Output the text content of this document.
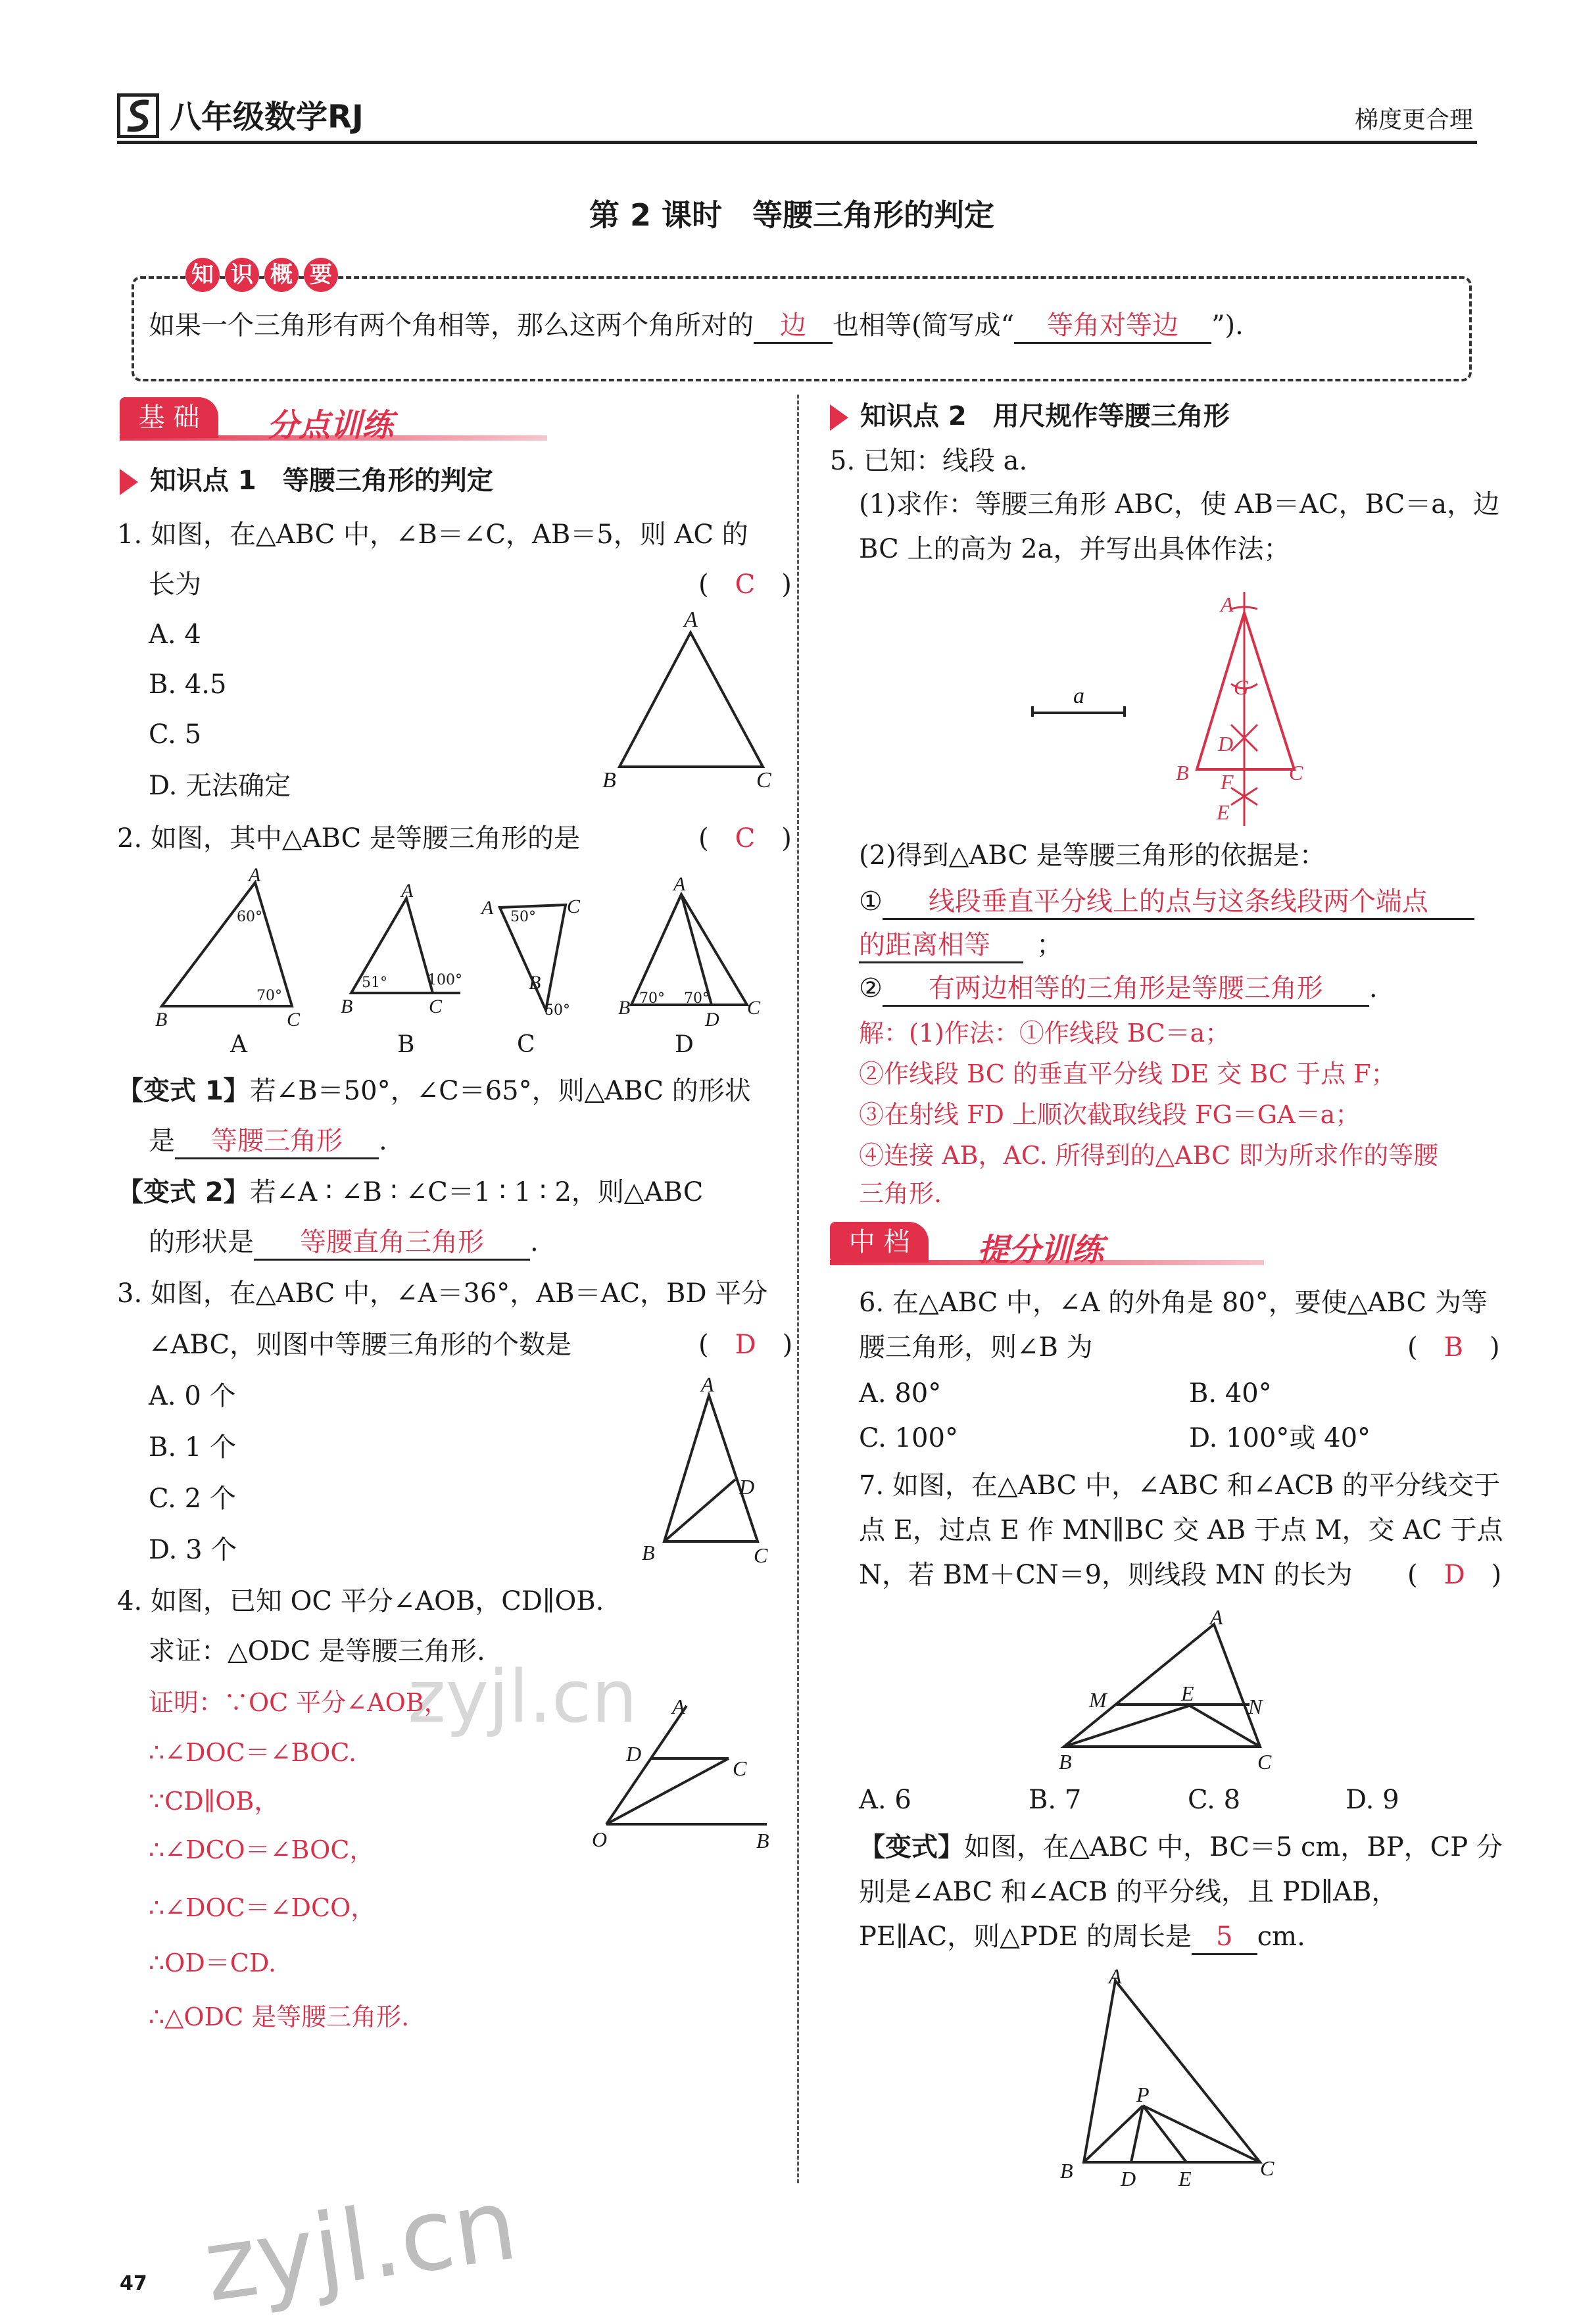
八年级数学RJ	梯度更合理
第 2 课时　等腰三角形的判定
知 识 概 要
如果一个三角形有两个角相等，那么这两个角所对的 边 也相等(简写成“ 等角对等边 ”).
基 础	分点训练
知识点 1　等腰三角形的判定
1. 如图，在△ABC 中，∠B＝∠C，AB＝5，则 AC 的
长为	(　C　)
A. 4
B. 4.5
C. 5
D. 无法确定
A
B	C
2. 如图，其中△ABC 是等腰三角形的是	(　C　)
A
B	C
60°
70°
A
B	C
51°	100°
A	C
B
50°
50°
A
B	C
D
70° 70°
A	B	C	D
【变式 1】若∠B＝50°，∠C＝65°，则△ABC 的形状
是 等腰三角形 .
【变式 2】若∠A ∶ ∠B ∶ ∠C＝1 ∶ 1 ∶ 2，则△ABC
的形状是 等腰直角三角形 .
3. 如图，在△ABC 中，∠A＝36°，AB＝AC，BD 平分
∠ABC，则图中等腰三角形的个数是	(　D　)
A. 0 个
B. 1 个
C. 2 个
D. 3 个
A
B	C
D
4. 如图，已知 OC 平分∠AOB，CD∥OB.
求证：△ODC 是等腰三角形.
证明：∵OC 平分∠AOB，
∴∠DOC＝∠BOC.
∵CD∥OB，
∴∠DCO＝∠BOC，
∴∠DOC＝∠DCO，
∴OD＝CD.
∴△ODC 是等腰三角形.
A
D
C
O	B
知识点 2　用尺规作等腰三角形
5. 已知：线段 a.
(1)求作：等腰三角形 ABC，使 AB＝AC，BC＝a，边
BC 上的高为 2a，并写出具体作法；
a
A
G
D
B F	C
E
(2)得到△ABC 是等腰三角形的依据是：
① 线段垂直平分线上的点与这条线段两个端点
的距离相等 ；
② 有两边相等的三角形是等腰三角形 .
解：(1)作法：①作线段 BC＝a；
②作线段 BC 的垂直平分线 DE 交 BC 于点 F；
③在射线 FD 上顺次截取线段 FG＝GA＝a；
④连接 AB，AC. 所得到的△ABC 即为所求作的等腰
三角形.
中 档	提分训练
6. 在△ABC 中，∠A 的外角是 80°，要使△ABC 为等
腰三角形，则∠B 为	(　B　)
A. 80°	B. 40°
C. 100°	D. 100°或 40°
7. 如图，在△ABC 中，∠ABC 和∠ACB 的平分线交于
点 E，过点 E 作 MN∥BC 交 AB 于点 M，交 AC 于点
N，若 BM＋CN＝9，则线段 MN 的长为 (　D　)
A
M	E
N
B	C
A. 6	B. 7	C. 8	D. 9
【变式】如图，在△ABC 中，BC＝5 cm，BP，CP 分
别是∠ABC 和∠ACB 的平分线，且 PD∥AB，
PE∥AC，则△PDE 的周长是 5 cm.
A
P
B D E	C
47 zyjl.cn
zyjl.cn
